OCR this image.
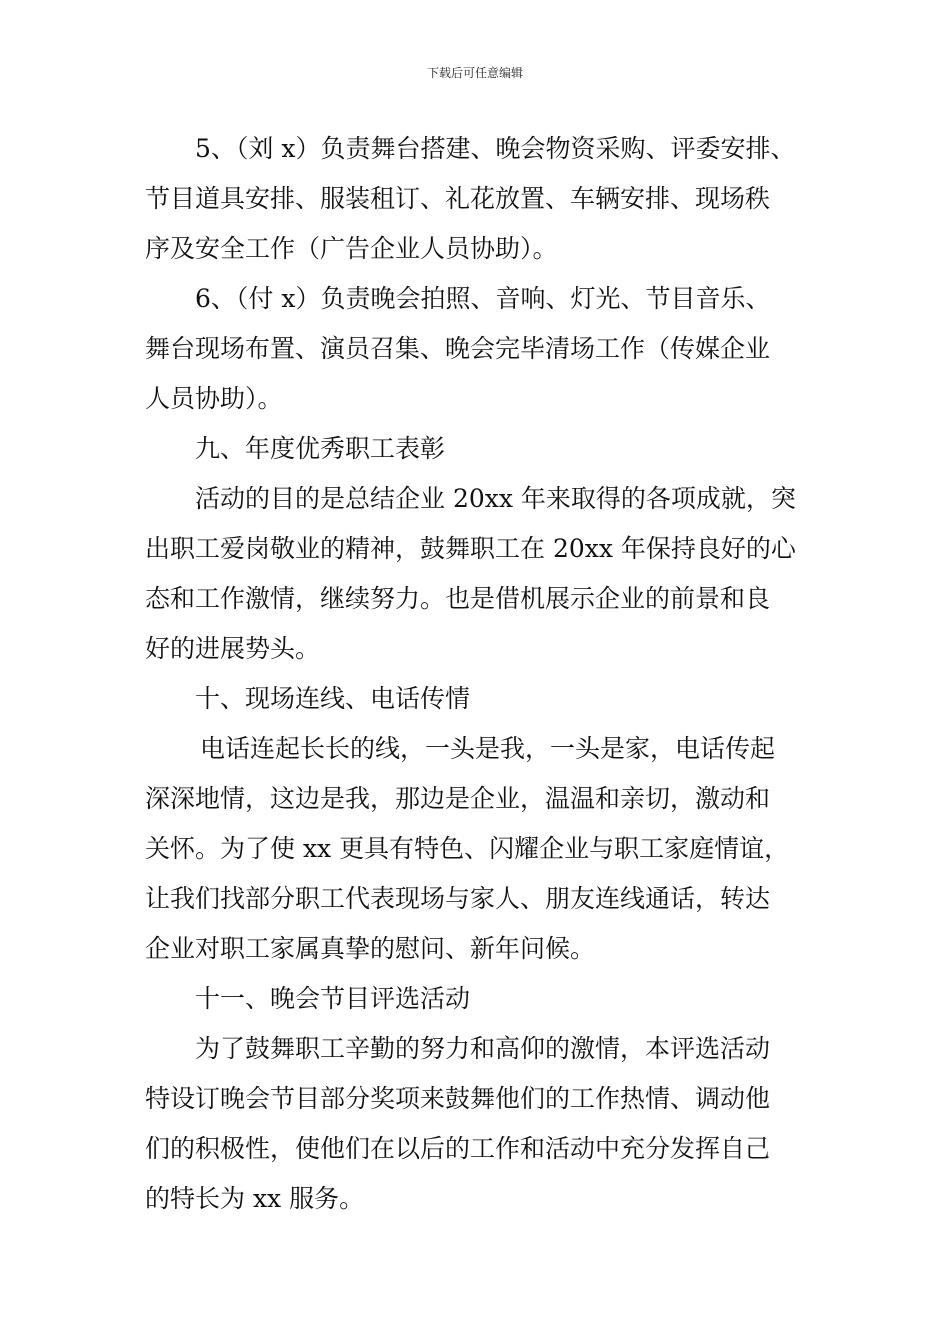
下载后可任意编辑
5、（刘 x）负责舞台搭建、晚会物资采购、评委安排、
节目道具安排、服装租订、礼花放置、车辆安排、现场秩
序及安全工作（广告企业人员协助）。
6、（付 x）负责晚会拍照、音响、灯光、节目音乐、
舞台现场布置、演员召集、晚会完毕清场工作（传媒企业
人员协助）。
九、年度优秀职工表彰
活动的目的是总结企业 20xx 年来取得的各项成就，突
出职工爱岗敬业的精神，鼓舞职工在 20xx 年保持良好的心
态和工作激情，继续努力。也是借机展示企业的前景和良
好的进展势头。
十、现场连线、电话传情
电话连起长长的线，一头是我，一头是家，电话传起
深深地情，这边是我，那边是企业，温温和亲切，激动和
关怀。为了使 xx 更具有特色、闪耀企业与职工家庭情谊，
让我们找部分职工代表现场与家人、朋友连线通话，转达
企业对职工家属真挚的慰问、新年问候。
十一、晚会节目评选活动
为了鼓舞职工辛勤的努力和高仰的激情，本评选活动
特设订晚会节目部分奖项来鼓舞他们的工作热情、调动他
们的积极性，使他们在以后的工作和活动中充分发挥自己
的特长为 xx 服务。
